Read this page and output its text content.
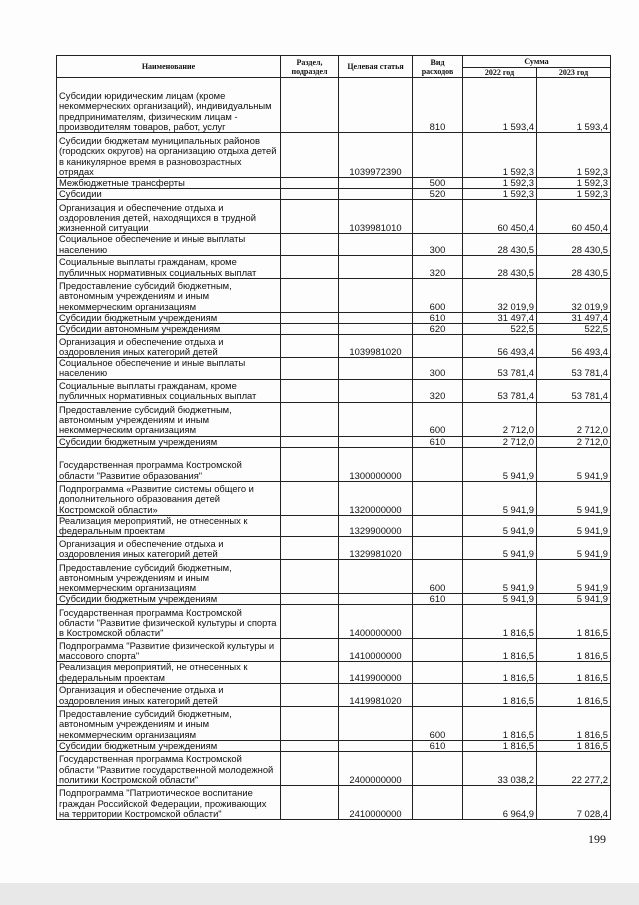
Наименование	Раздел, подраздел	Целевая статья	Вид расходов	Сумма	
				2022 год	2023 год
Субсидии юридическим лицам (кроме некоммерческих организаций), индивидуальным предпринимателям, физическим лицам - производителям товаров, работ, услуг			810	1 593,4	1 593,4
Субсидии бюджетам муниципальных районов (городских округов) на организацию отдыха детей в каникулярное время в разновозрастных отрядах		1039972390		1 592,3	1 592,3
Межбюджетные трансферты			500	1 592,3	1 592,3
Субсидии			520	1 592,3	1 592,3
Организация и обеспечение отдыха и оздоровления детей, находящихся в трудной жизненной ситуации		1039981010		60 450,4	60 450,4
Социальное обеспечение и иные выплаты населению			300	28 430,5	28 430,5
Социальные выплаты гражданам, кроме публичных нормативных социальных выплат			320	28 430,5	28 430,5
Предоставление субсидий бюджетным, автономным учреждениям и иным некоммерческим организациям			600	32 019,9	32 019,9
Субсидии бюджетным учреждениям			610	31 497,4	31 497,4
Субсидии автономным учреждениям			620	522,5	522,5
Организация и обеспечение отдыха и оздоровления иных категорий детей		1039981020		56 493,4	56 493,4
Социальное обеспечение и иные выплаты населению			300	53 781,4	53 781,4
Социальные выплаты гражданам, кроме публичных нормативных социальных выплат			320	53 781,4	53 781,4
Предоставление субсидий бюджетным, автономным учреждениям и иным некоммерческим организациям			600	2 712,0	2 712,0
Субсидии бюджетным учреждениям			610	2 712,0	2 712,0
Государственная программа Костромской области "Развитие образования"		1300000000		5 941,9	5 941,9
Подпрограмма «Развитие системы общего и дополнительного образования детей Костромской области»		1320000000		5 941,9	5 941,9
Реализация мероприятий, не отнесенных к федеральным проектам		1329900000		5 941,9	5 941,9
Организация и обеспечение отдыха и оздоровления иных категорий детей		1329981020		5 941,9	5 941,9
Предоставление субсидий бюджетным, автономным учреждениям и иным некоммерческим организациям			600	5 941,9	5 941,9
Субсидии бюджетным учреждениям			610	5 941,9	5 941,9
Государственная программа Костромской области "Развитие физической культуры и спорта в Костромской области"		1400000000		1 816,5	1 816,5
Подпрограмма "Развитие физической культуры и массового спорта"		1410000000		1 816,5	1 816,5
Реализация мероприятий, не отнесенных к федеральным проектам		1419900000		1 816,5	1 816,5
Организация и обеспечение отдыха и оздоровления иных категорий детей		1419981020		1 816,5	1 816,5
Предоставление субсидий бюджетным, автономным учреждениям и иным некоммерческим организациям			600	1 816,5	1 816,5
Субсидии бюджетным учреждениям			610	1 816,5	1 816,5
Государственная программа Костромской области "Развитие государственной молодежной политики Костромской области"		2400000000		33 038,2	22 277,2
Подпрограмма "Патриотическое воспитание граждан Российской Федерации, проживающих на территории Костромской области"		2410000000		6 964,9	7 028,4
199
